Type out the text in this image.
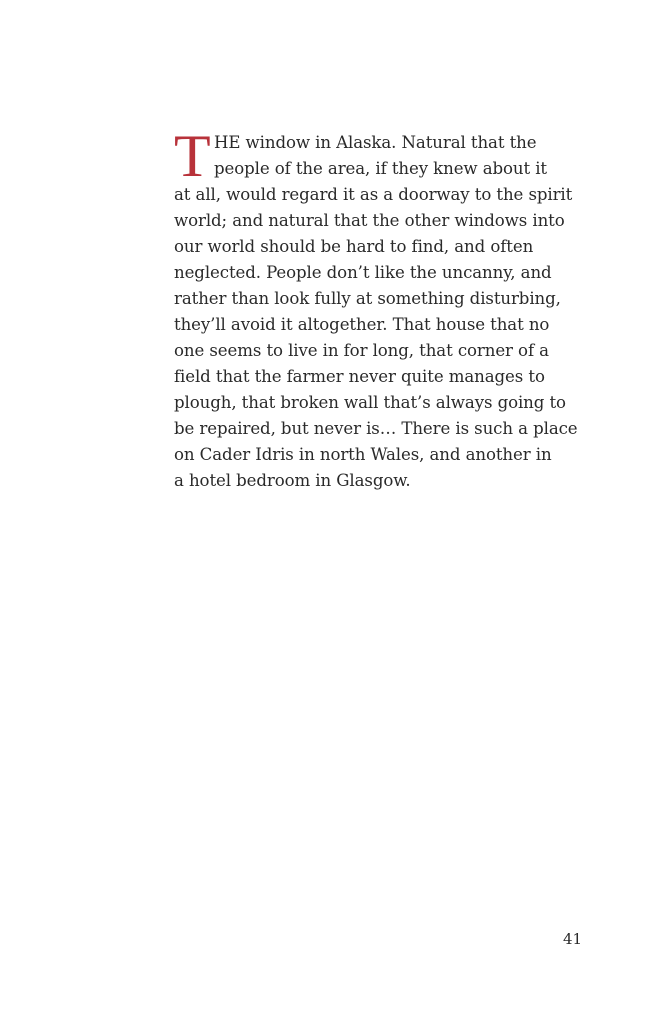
T HE window in Alaska. Natural that the
people of the area, if they knew about it
at all, would regard it as a doorway to the spirit
world; and natural that the other windows into
our world should be hard to find, and often
neglected. People don’t like the uncanny, and
rather than look fully at something disturbing,
they’ll avoid it altogether. That house that no
one seems to live in for long, that corner of a
field that the farmer never quite manages to
plough, that broken wall that’s always going to
be repaired, but never is… There is such a place
on Cader Idris in north Wales, and another in
a hotel bedroom in Glasgow.
41
